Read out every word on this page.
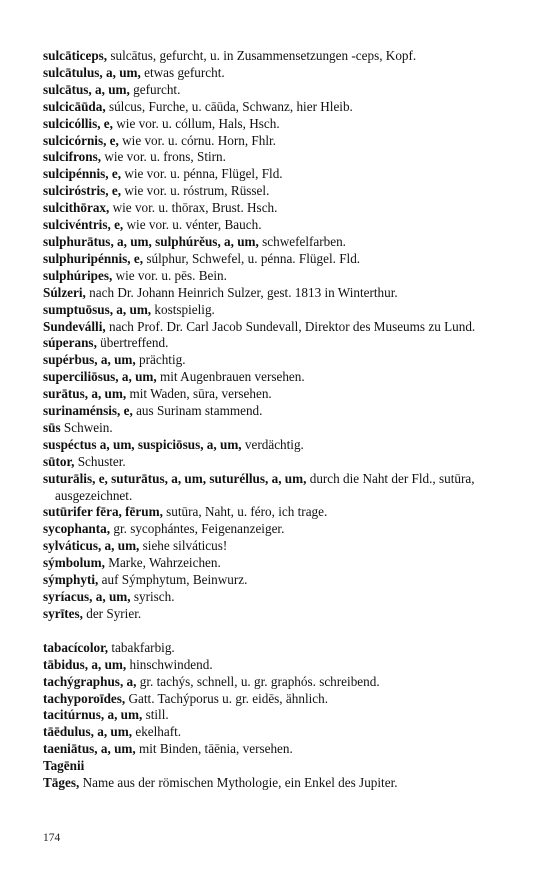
sulcāticeps, sulcātus, gefurcht, u. in Zusammensetzungen -ceps, Kopf.
sulcātulus, a, um, etwas gefurcht.
sulcātus, a, um, gefurcht.
sulcicāūda, súlcus, Furche, u. cāūda, Schwanz, hier Hleib.
sulcicóllis, e, wie vor. u. cóllum, Hals, Hsch.
sulcicórnis, e, wie vor. u. córnu. Horn, Fhlr.
sulcifrons, wie vor. u. frons, Stirn.
sulcipénnis, e, wie vor. u. pénna, Flügel, Fld.
sulciróstris, e, wie vor. u. róstrum, Rüssel.
sulcithōrax, wie vor. u. thōrax, Brust. Hsch.
sulcivéntris, e, wie vor. u. vénter, Bauch.
sulphurātus, a, um, sulphúrěus, a, um, schwefelfarben.
sulphuripénnis, e, súlphur, Schwefel, u. pénna. Flügel. Fld.
sulphúripes, wie vor. u. pēs. Bein.
Súlzeri, nach Dr. Johann Heinrich Sulzer, gest. 1813 in Winterthur.
sumptuōsus, a, um, kostspielig.
Sundeválli, nach Prof. Dr. Carl Jacob Sundevall, Direktor des Museums zu Lund.
súperans, übertreffend.
supérbus, a, um, prächtig.
superciliōsus, a, um, mit Augenbrauen versehen.
surātus, a, um, mit Waden, sūra, versehen.
surinaménsis, e, aus Surinam stammend.
sūs Schwein.
suspéctus a, um, suspiciōsus, a, um, verdächtig.
sūtor, Schuster.
suturālis, e, suturātus, a, um, suturéllus, a, um, durch die Naht der Fld., sutūra, ausgezeichnet.
sutūrifer fēra, fērum, sutūra, Naht, u. féro, ich trage.
sycophanta, gr. sycophántes, Feigenanzeiger.
sylváticus, a, um, siehe silváticus!
sýmbolum, Marke, Wahrzeichen.
sýmphyti, auf Sýmphytum, Beinwurz.
syríacus, a, um, syrisch.
syrītes, der Syrier.
tabacícolor, tabakfarbig.
tābidus, a, um, hinschwindend.
tachýgraphus, a, gr. tachýs, schnell, u. gr. graphós. schreibend.
tachyporoīdes, Gatt. Tachýporus u. gr. eidēs, ähnlich.
tacitúrnus, a, um, still.
tāēdulus, a, um, ekelhaft.
taeniātus, a, um, mit Binden, tāēnia, versehen.
Tagēnii
Tāges, Name aus der römischen Mythologie, ein Enkel des Jupiter.
174
